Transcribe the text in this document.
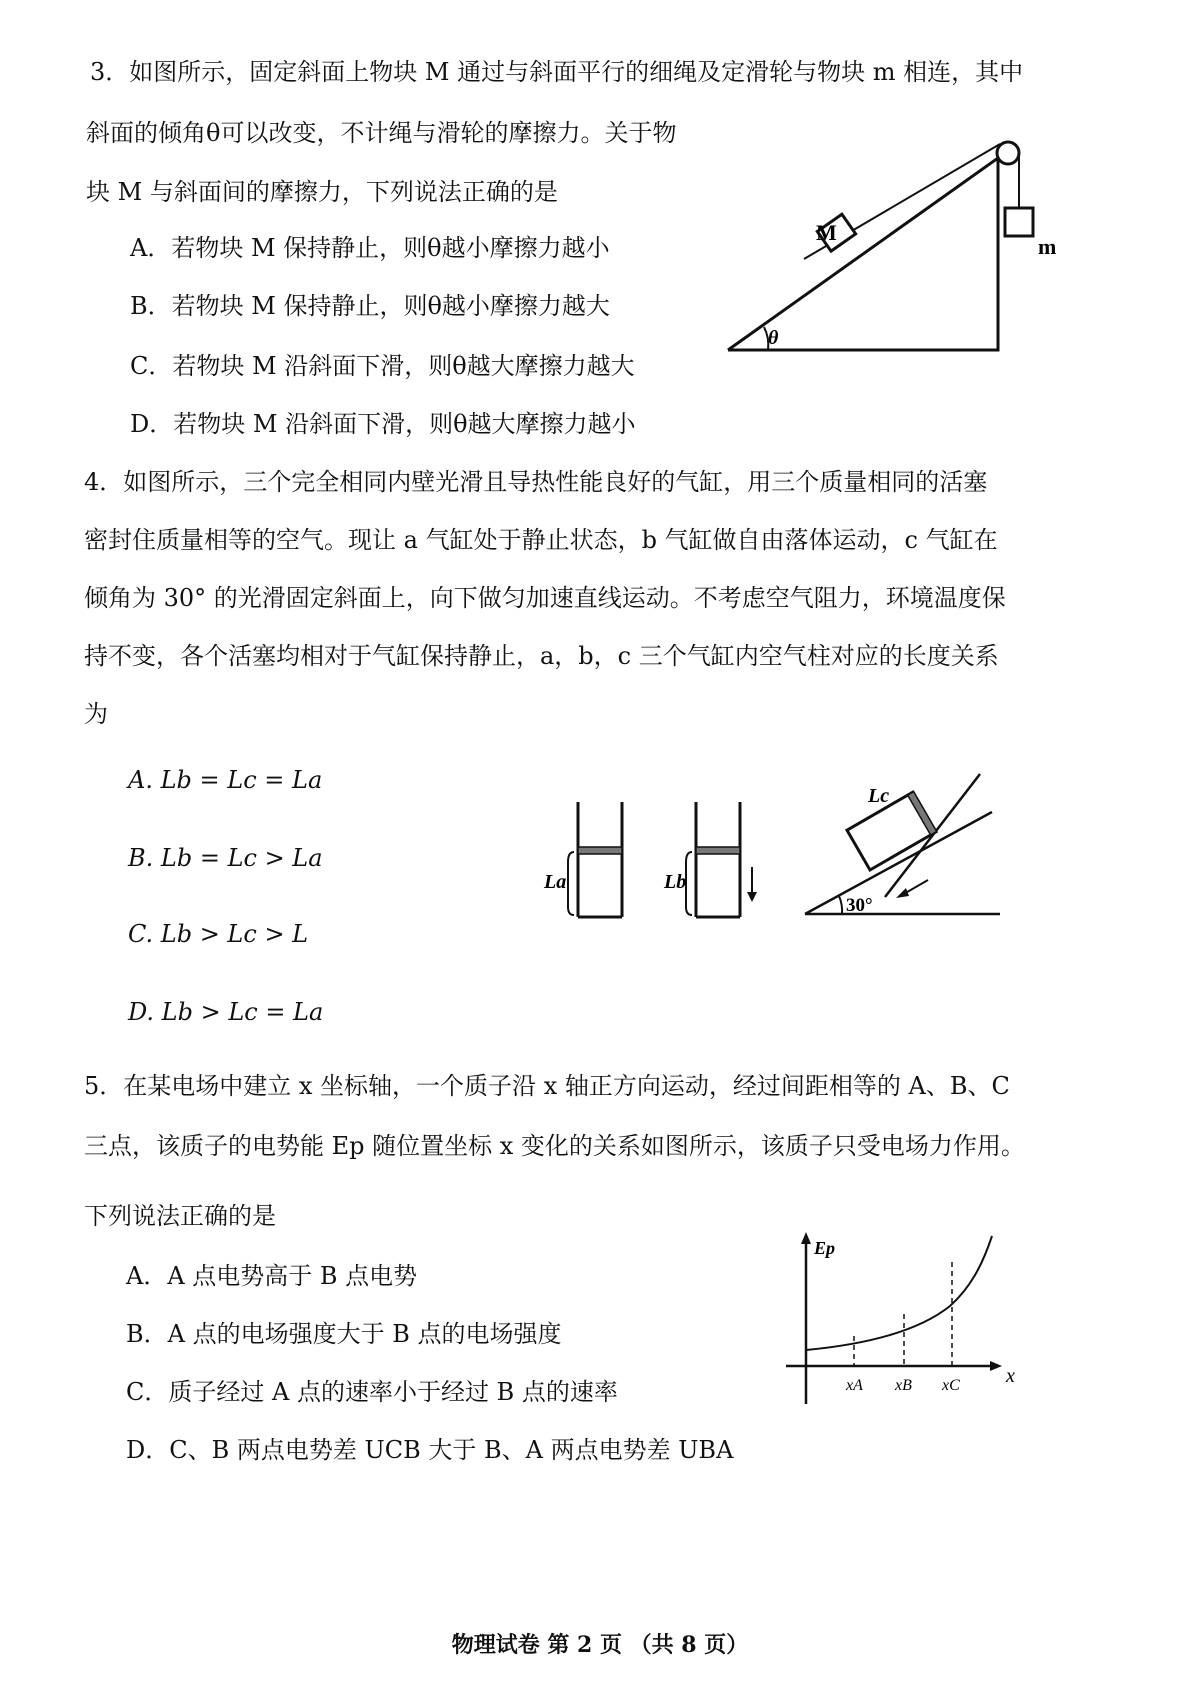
3．如图所示，固定斜面上物块 M 通过与斜面平行的细绳及定滑轮与物块 m 相连，其中
斜面的倾角θ可以改变，不计绳与滑轮的摩擦力。关于物
块 M 与斜面间的摩擦力，下列说法正确的是
A．若物块 M 保持静止，则θ越小摩擦力越小
B．若物块 M 保持静止，则θ越小摩擦力越大
C．若物块 M 沿斜面下滑，则θ越大摩擦力越大
D．若物块 M 沿斜面下滑，则θ越大摩擦力越小
M
m
θ
4．如图所示，三个完全相同内壁光滑且导热性能良好的气缸，用三个质量相同的活塞
密封住质量相等的空气。现让 a 气缸处于静止状态，b 气缸做自由落体运动，c 气缸在
倾角为 30° 的光滑固定斜面上，向下做匀加速直线运动。不考虑空气阻力，环境温度保
持不变，各个活塞均相对于气缸保持静止，a，b，c 三个气缸内空气柱对应的长度关系
为
A. Lb = Lc = La
B. Lb = Lc > La
C. Lb > Lc > L
D. Lb > Lc = La
La	Lb
30°
Lc
5．在某电场中建立 x 坐标轴，一个质子沿 x 轴正方向运动，经过间距相等的 A、B、C
三点，该质子的电势能 Ep 随位置坐标 x 变化的关系如图所示，该质子只受电场力作用。
下列说法正确的是
A．A 点电势高于 B 点电势
B．A 点的电场强度大于 B 点的电场强度
C．质子经过 A 点的速率小于经过 B 点的速率
D．C、B 两点电势差 UCB 大于 B、A 两点电势差 UBA
Ep
x
xA xB xC
物理试卷 第 2 页 （共 8 页）
